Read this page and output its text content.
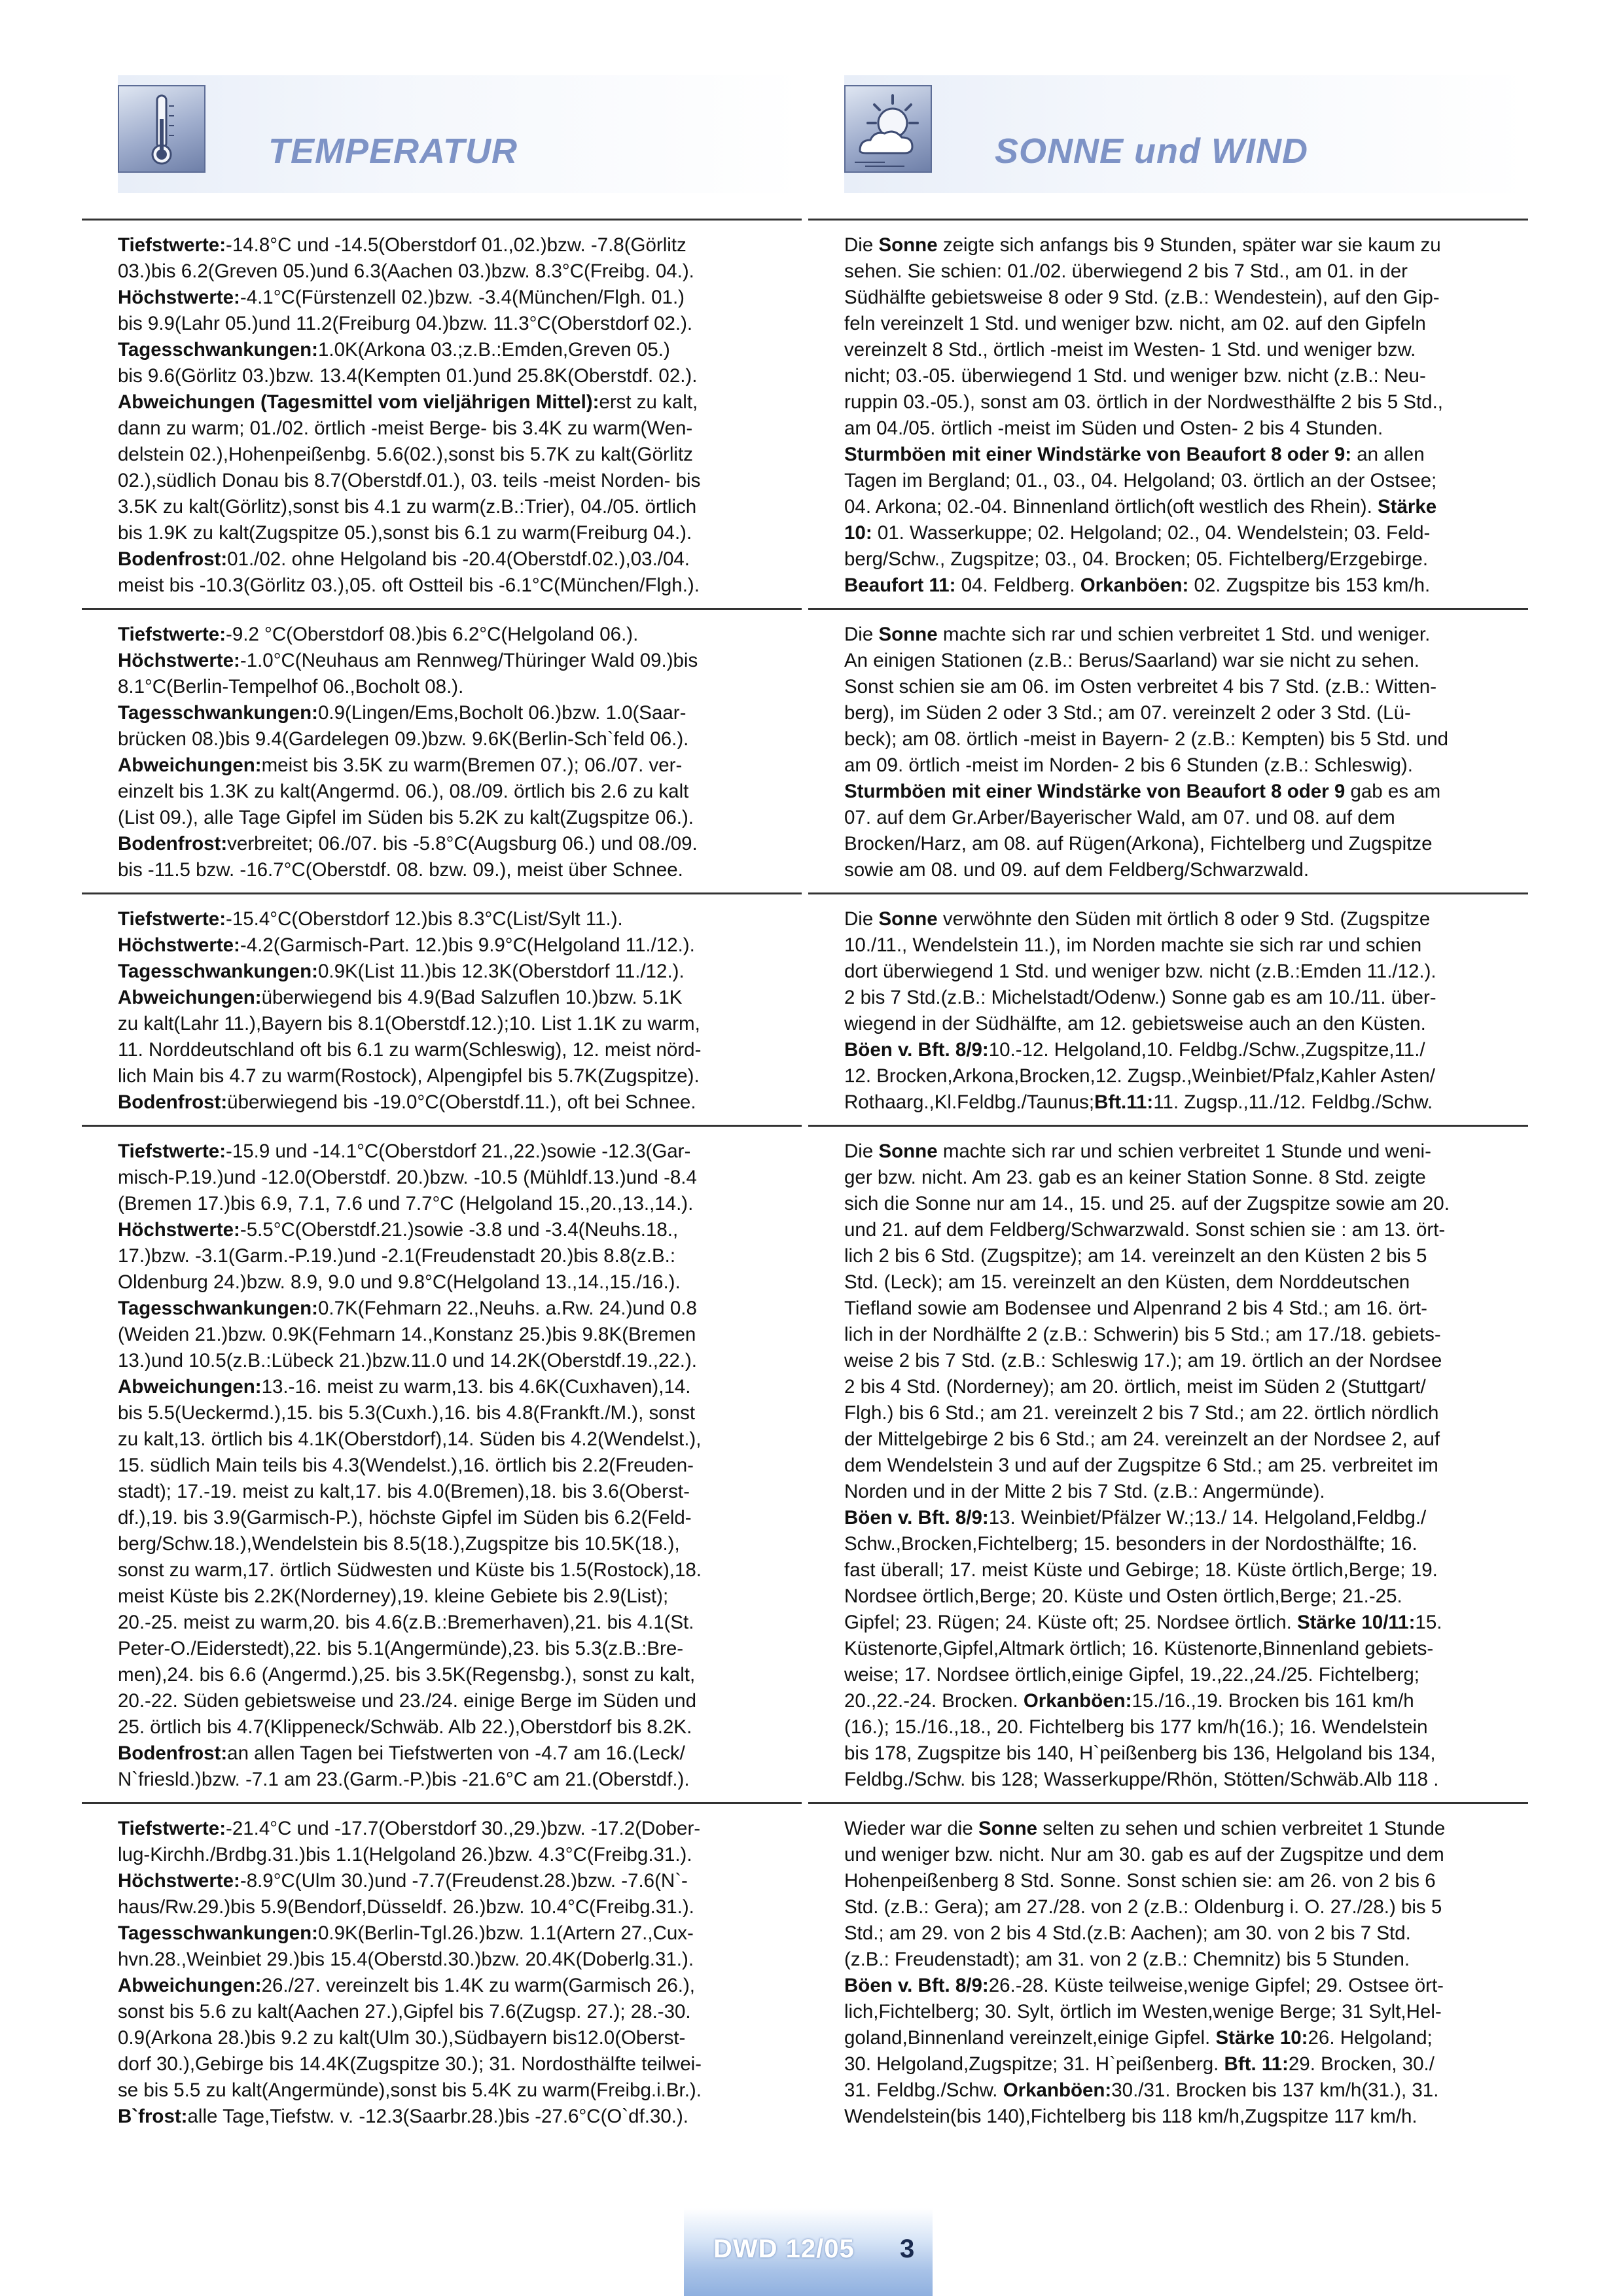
TEMPERATUR

Tiefstwerte:-14.8°C und -14.5(Oberstdorf 01.,02.)bzw. -7.8(Görlitz
03.)bis 6.2(Greven 05.)und 6.3(Aachen 03.)bzw. 8.3°C(Freibg. 04.).
Höchstwerte:-4.1°C(Fürstenzell 02.)bzw. -3.4(München/Flgh. 01.)
bis 9.9(Lahr 05.)und 11.2(Freiburg 04.)bzw. 11.3°C(Oberstdorf 02.).
Tagesschwankungen:1.0K(Arkona 03.;z.B.:Emden,Greven 05.)
bis 9.6(Görlitz 03.)bzw. 13.4(Kempten 01.)und 25.8K(Oberstdf. 02.).
Abweichungen (Tagesmittel vom vieljährigen Mittel):erst zu kalt,
dann zu warm; 01./02. örtlich -meist Berge- bis 3.4K zu warm(Wen-
delstein 02.),Hohenpeißenbg. 5.6(02.),sonst bis 5.7K zu kalt(Görlitz
02.),südlich Donau bis 8.7(Oberstdf.01.), 03. teils -meist Norden- bis
3.5K zu kalt(Görlitz),sonst bis 4.1 zu warm(z.B.:Trier), 04./05. örtlich
bis 1.9K zu kalt(Zugspitze 05.),sonst bis 6.1 zu warm(Freiburg 04.).
Bodenfrost:01./02. ohne Helgoland bis -20.4(Oberstdf.02.),03./04.
meist bis -10.3(Görlitz 03.),05. oft Ostteil bis -6.1°C(München/Flgh.).

Tiefstwerte:-9.2 °C(Oberstdorf 08.)bis 6.2°C(Helgoland 06.).
Höchstwerte:-1.0°C(Neuhaus am Rennweg/Thüringer Wald 09.)bis
8.1°C(Berlin-Tempelhof 06.,Bocholt 08.).
Tagesschwankungen:0.9(Lingen/Ems,Bocholt 06.)bzw. 1.0(Saar-
brücken 08.)bis 9.4(Gardelegen 09.)bzw. 9.6K(Berlin-Sch`feld 06.).
Abweichungen:meist bis 3.5K zu warm(Bremen 07.); 06./07. ver-
einzelt bis 1.3K zu kalt(Angermd. 06.), 08./09. örtlich bis 2.6 zu kalt
(List 09.), alle Tage Gipfel im Süden bis 5.2K zu kalt(Zugspitze 06.).
Bodenfrost:verbreitet; 06./07. bis -5.8°C(Augsburg 06.) und 08./09.
bis -11.5 bzw. -16.7°C(Oberstdf. 08. bzw. 09.), meist über Schnee.

Tiefstwerte:-15.4°C(Oberstdorf 12.)bis 8.3°C(List/Sylt 11.).
Höchstwerte:-4.2(Garmisch-Part. 12.)bis 9.9°C(Helgoland 11./12.).
Tagesschwankungen:0.9K(List 11.)bis 12.3K(Oberstdorf 11./12.).
Abweichungen:überwiegend bis 4.9(Bad Salzuflen 10.)bzw. 5.1K
zu kalt(Lahr 11.),Bayern bis 8.1(Oberstdf.12.);10. List 1.1K zu warm,
11. Norddeutschland oft bis 6.1 zu warm(Schleswig), 12. meist nörd-
lich Main bis 4.7 zu warm(Rostock), Alpengipfel bis 5.7K(Zugspitze).
Bodenfrost:überwiegend bis -19.0°C(Oberstdf.11.), oft bei Schnee.

Tiefstwerte:-15.9 und -14.1°C(Oberstdorf 21.,22.)sowie -12.3(Gar-
misch-P.19.)und -12.0(Oberstdf. 20.)bzw. -10.5 (Mühldf.13.)und -8.4
(Bremen 17.)bis 6.9, 7.1, 7.6 und 7.7°C (Helgoland 15.,20.,13.,14.).
Höchstwerte:-5.5°C(Oberstdf.21.)sowie -3.8 und -3.4(Neuhs.18.,
17.)bzw. -3.1(Garm.-P.19.)und -2.1(Freudenstadt 20.)bis 8.8(z.B.:
Oldenburg 24.)bzw. 8.9, 9.0 und 9.8°C(Helgoland 13.,14.,15./16.).
Tagesschwankungen:0.7K(Fehmarn 22.,Neuhs. a.Rw. 24.)und 0.8
(Weiden 21.)bzw. 0.9K(Fehmarn 14.,Konstanz 25.)bis 9.8K(Bremen
13.)und 10.5(z.B.:Lübeck 21.)bzw.11.0 und 14.2K(Oberstdf.19.,22.).
Abweichungen:13.-16. meist zu warm,13. bis 4.6K(Cuxhaven),14.
bis 5.5(Ueckermd.),15. bis 5.3(Cuxh.),16. bis 4.8(Frankft./M.), sonst
zu kalt,13. örtlich bis 4.1K(Oberstdorf),14. Süden bis 4.2(Wendelst.),
15. südlich Main teils bis 4.3(Wendelst.),16. örtlich bis 2.2(Freuden-
stadt); 17.-19. meist zu kalt,17. bis 4.0(Bremen),18. bis 3.6(Oberst-
df.),19. bis 3.9(Garmisch-P.), höchste Gipfel im Süden bis 6.2(Feld-
berg/Schw.18.),Wendelstein bis 8.5(18.),Zugspitze bis 10.5K(18.),
sonst zu warm,17. örtlich Südwesten und Küste bis 1.5(Rostock),18.
meist Küste bis 2.2K(Norderney),19. kleine Gebiete bis 2.9(List);
20.-25. meist zu warm,20. bis 4.6(z.B.:Bremerhaven),21. bis 4.1(St.
Peter-O./Eiderstedt),22. bis 5.1(Angermünde),23. bis 5.3(z.B.:Bre-
men),24. bis 6.6 (Angermd.),25. bis 3.5K(Regensbg.), sonst zu kalt,
20.-22. Süden gebietsweise und 23./24. einige Berge im Süden und
25. örtlich bis 4.7(Klippeneck/Schwäb. Alb 22.),Oberstdorf bis 8.2K.
Bodenfrost:an allen Tagen bei Tiefstwerten von -4.7 am 16.(Leck/
N`friesld.)bzw. -7.1 am 23.(Garm.-P.)bis -21.6°C am 21.(Oberstdf.).

Tiefstwerte:-21.4°C und -17.7(Oberstdorf 30.,29.)bzw. -17.2(Dober-
lug-Kirchh./Brdbg.31.)bis 1.1(Helgoland 26.)bzw. 4.3°C(Freibg.31.).
Höchstwerte:-8.9°C(Ulm 30.)und -7.7(Freudenst.28.)bzw. -7.6(N`-
haus/Rw.29.)bis 5.9(Bendorf,Düsseldf. 26.)bzw. 10.4°C(Freibg.31.).
Tagesschwankungen:0.9K(Berlin-Tgl.26.)bzw. 1.1(Artern 27.,Cux-
hvn.28.,Weinbiet 29.)bis 15.4(Oberstd.30.)bzw. 20.4K(Doberlg.31.).
Abweichungen:26./27. vereinzelt bis 1.4K zu warm(Garmisch 26.),
sonst bis 5.6 zu kalt(Aachen 27.),Gipfel bis 7.6(Zugsp. 27.); 28.-30.
0.9(Arkona 28.)bis 9.2 zu kalt(Ulm 30.),Südbayern bis12.0(Oberst-
dorf 30.),Gebirge bis 14.4K(Zugspitze 30.); 31. Nordosthälfte teilwei-
se bis 5.5 zu kalt(Angermünde),sonst bis 5.4K zu warm(Freibg.i.Br.).
B`frost:alle Tage,Tiefstw. v. -12.3(Saarbr.28.)bis -27.6°C(O`df.30.).

SONNE und WIND

Die Sonne zeigte sich anfangs bis 9 Stunden, später war sie kaum zu
sehen. Sie schien: 01./02. überwiegend 2 bis 7 Std., am 01. in der
Südhälfte gebietsweise 8 oder 9 Std. (z.B.: Wendestein), auf den Gip-
feln vereinzelt 1 Std. und weniger bzw. nicht, am 02. auf den Gipfeln
vereinzelt 8 Std., örtlich -meist im Westen- 1 Std. und weniger bzw.
nicht; 03.-05. überwiegend 1 Std. und weniger bzw. nicht (z.B.: Neu-
ruppin 03.-05.), sonst am 03. örtlich in der Nordwesthälfte 2 bis 5 Std.,
am 04./05. örtlich -meist im Süden und Osten- 2 bis 4 Stunden.
Sturmböen mit einer Windstärke von Beaufort 8 oder 9: an allen
Tagen im Bergland; 01., 03., 04. Helgoland; 03. örtlich an der Ostsee;
04. Arkona; 02.-04. Binnenland örtlich(oft westlich des Rhein). Stärke
10: 01. Wasserkuppe; 02. Helgoland; 02., 04. Wendelstein; 03. Feld-
berg/Schw., Zugspitze; 03., 04. Brocken; 05. Fichtelberg/Erzgebirge.
Beaufort 11: 04. Feldberg. Orkanböen: 02. Zugspitze bis 153 km/h.

Die Sonne machte sich rar und schien verbreitet 1 Std. und weniger.
An einigen Stationen (z.B.: Berus/Saarland) war sie nicht zu sehen.
Sonst schien sie am 06. im Osten verbreitet 4 bis 7 Std. (z.B.: Witten-
berg), im Süden 2 oder 3 Std.; am 07. vereinzelt 2 oder 3 Std. (Lü-
beck); am 08. örtlich -meist in Bayern- 2 (z.B.: Kempten) bis 5 Std. und
am 09. örtlich -meist im Norden- 2 bis 6 Stunden (z.B.: Schleswig).
Sturmböen mit einer Windstärke von Beaufort 8 oder 9 gab es am
07. auf dem Gr.Arber/Bayerischer Wald, am 07. und 08. auf dem
Brocken/Harz, am 08. auf Rügen(Arkona), Fichtelberg und Zugspitze
sowie am 08. und 09. auf dem Feldberg/Schwarzwald.

Die Sonne verwöhnte den Süden mit örtlich 8 oder 9 Std. (Zugspitze
10./11., Wendelstein 11.), im Norden machte sie sich rar und schien
dort überwiegend 1 Std. und weniger bzw. nicht (z.B.:Emden 11./12.).
2 bis 7 Std.(z.B.: Michelstadt/Odenw.) Sonne gab es am 10./11. über-
wiegend in der Südhälfte, am 12. gebietsweise auch an den Küsten.
Böen v. Bft. 8/9:10.-12. Helgoland,10. Feldbg./Schw.,Zugspitze,11./
12. Brocken,Arkona,Brocken,12. Zugsp.,Weinbiet/Pfalz,Kahler Asten/
Rothaarg.,Kl.Feldbg./Taunus;Bft.11:11. Zugsp.,11./12. Feldbg./Schw.

Die Sonne machte sich rar und schien verbreitet 1 Stunde und weni-
ger bzw. nicht. Am 23. gab es an keiner Station Sonne. 8 Std. zeigte
sich die Sonne nur am 14., 15. und 25. auf der Zugspitze sowie am 20.
und 21. auf dem Feldberg/Schwarzwald. Sonst schien sie : am 13. ört-
lich 2 bis 6 Std. (Zugspitze); am 14. vereinzelt an den Küsten 2 bis 5
Std. (Leck); am 15. vereinzelt an den Küsten, dem Norddeutschen
Tiefland sowie am Bodensee und Alpenrand 2 bis 4 Std.; am 16. ört-
lich in der Nordhälfte 2 (z.B.: Schwerin) bis 5 Std.; am 17./18. gebiets-
weise 2 bis 7 Std. (z.B.: Schleswig 17.); am 19. örtlich an der Nordsee
2 bis 4 Std. (Norderney); am 20. örtlich, meist im Süden 2 (Stuttgart/
Flgh.) bis 6 Std.; am 21. vereinzelt 2 bis 7 Std.; am 22. örtlich nördlich
der Mittelgebirge 2 bis 6 Std.; am 24. vereinzelt an der Nordsee 2, auf
dem Wendelstein 3 und auf der Zugspitze 6 Std.; am 25. verbreitet im
Norden und in der Mitte 2 bis 7 Std. (z.B.: Angermünde).
Böen v. Bft. 8/9:13. Weinbiet/Pfälzer W.;13./ 14. Helgoland,Feldbg./
Schw.,Brocken,Fichtelberg; 15. besonders in der Nordosthälfte; 16.
fast überall; 17. meist Küste und Gebirge; 18. Küste örtlich,Berge; 19.
Nordsee örtlich,Berge; 20. Küste und Osten örtlich,Berge; 21.-25.
Gipfel; 23. Rügen; 24. Küste oft; 25. Nordsee örtlich. Stärke 10/11:15.
Küstenorte,Gipfel,Altmark örtlich; 16. Küstenorte,Binnenland gebiets-
weise; 17. Nordsee örtlich,einige Gipfel, 19.,22.,24./25. Fichtelberg;
20.,22.-24. Brocken. Orkanböen:15./16.,19. Brocken bis 161 km/h
(16.); 15./16.,18., 20. Fichtelberg bis 177 km/h(16.); 16. Wendelstein
bis 178, Zugspitze bis 140, H`peißenberg bis 136, Helgoland bis 134,
Feldbg./Schw. bis 128; Wasserkuppe/Rhön, Stötten/Schwäb.Alb 118 .

Wieder war die Sonne selten zu sehen und schien verbreitet 1 Stunde
und weniger bzw. nicht. Nur am 30. gab es auf der Zugspitze und dem
Hohenpeißenberg 8 Std. Sonne. Sonst schien sie: am 26. von 2 bis 6
Std. (z.B.: Gera); am 27./28. von 2 (z.B.: Oldenburg i. O. 27./28.) bis 5
Std.; am 29. von 2 bis 4 Std.(z.B: Aachen); am 30. von 2 bis 7 Std.
(z.B.: Freudenstadt); am 31. von 2 (z.B.: Chemnitz) bis 5 Stunden.
Böen v. Bft. 8/9:26.-28. Küste teilweise,wenige Gipfel; 29. Ostsee ört-
lich,Fichtelberg; 30. Sylt, örtlich im Westen,wenige Berge; 31 Sylt,Hel-
goland,Binnenland vereinzelt,einige Gipfel. Stärke 10:26. Helgoland;
30. Helgoland,Zugspitze; 31. H`peißenberg. Bft. 11:29. Brocken, 30./
31. Feldbg./Schw. Orkanböen:30./31. Brocken bis 137 km/h(31.), 31.
Wendelstein(bis 140),Fichtelberg bis 118 km/h,Zugspitze 117 km/h.

DWD 12/05 3
